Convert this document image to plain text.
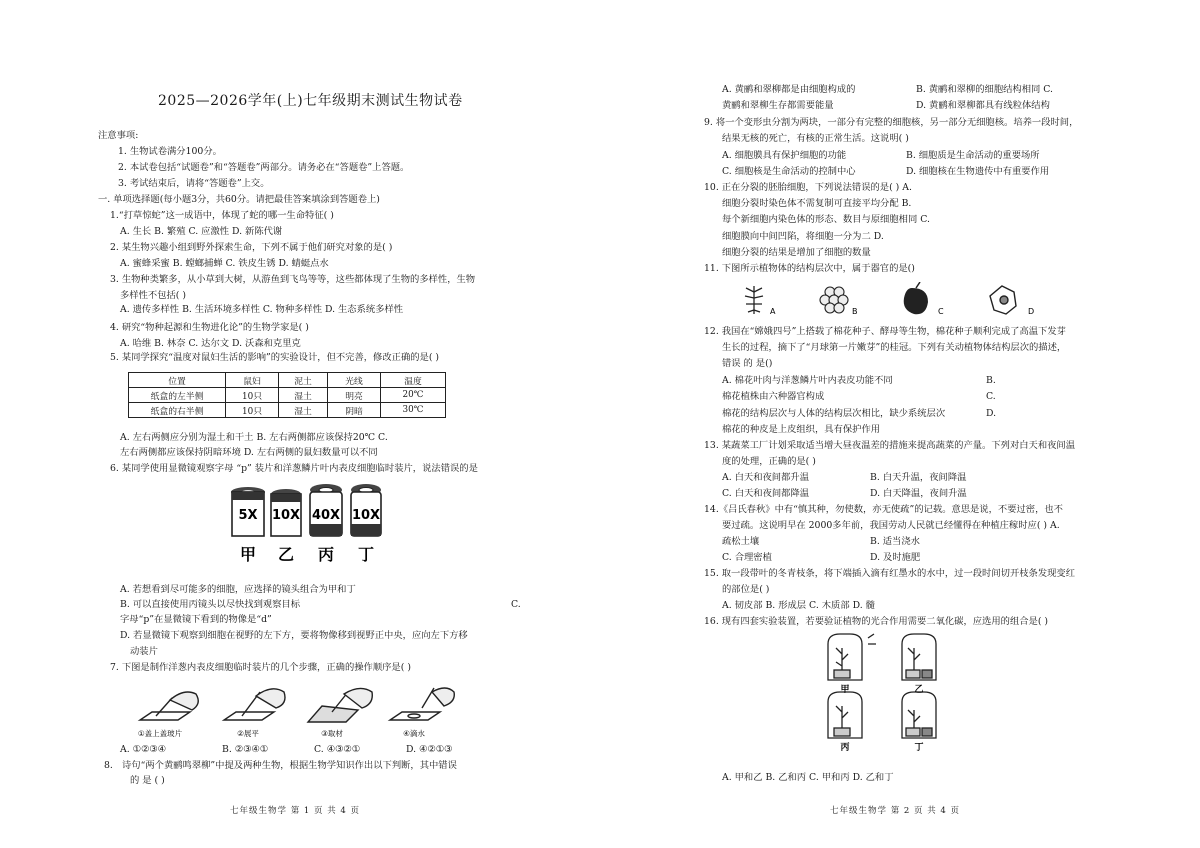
2025—2026学年(上)七年级期末测试生物试卷
注意事项:
1. 生物试卷满分100分。
2. 本试卷包括“试题卷”和“答题卷”两部分。请务必在“答题卷”上答题。
3. 考试结束后，请将“答题卷”上交。
一. 单项选择题(每小题3分，共60分。请把最佳答案填涂到答题卷上)
1.“打草惊蛇”这一成语中，体现了蛇的哪一生命特征( )
A. 生长 B. 繁殖 C. 应激性 D. 新陈代谢
2. 某生物兴趣小组到野外探索生命，下列不属于他们研究对象的是( )
A. 蜜蜂采蜜 B. 螳螂捕蝉 C. 铁皮生锈 D. 蜻蜓点水
3. 生物种类繁多，从小草到大树，从游鱼到飞鸟等等，这些都体现了生物的多样性，生物
多样性不包括( )
A. 遗传多样性 B. 生活环境多样性 C. 物种多样性 D. 生态系统多样性
4. 研究“物种起源和生物进化论”的生物学家是( )
A. 哈维 B. 林奈 C. 达尔文 D. 沃森和克里克
5. 某同学探究“温度对鼠妇生活的影响”的实验设计，但不完善，修改正确的是( )
位置	鼠妇	泥土	光线	温度
纸盒的左半侧	10只	湿土	明亮	20℃
纸盒的右半侧	10只	湿土	阴暗	30℃
A. 左右两侧应分别为湿土和干土 B. 左右两侧都应该保持20℃ C.
左右两侧都应该保持阴暗环境 D. 左右两侧的鼠妇数量可以不同
6. 某同学使用显微镜观察字母 “p” 装片和洋葱鳞片叶内表皮细胞临时装片，说法错误的是
5X 10X 40X 10X
甲 乙 丙 丁
A. 若想看到尽可能多的细胞，应选择的镜头组合为甲和丁
B. 可以直接使用丙镜头以尽快找到观察目标	C.
字母“p”在显微镜下看到的物像是“d”
D. 若显微镜下观察到细胞在视野的左下方，要将物像移到视野正中央，应向左下方移
动装片
7. 下图是制作洋葱内表皮细胞临时装片的几个步骤，正确的操作顺序是( )
①盖上盖玻片	②展平	③取材	④滴水
A. ①②③④	B. ②③④①	C. ④③②①	D. ④②①③
8. 诗句“两个黄鹂鸣翠柳”中提及两种生物，根据生物学知识作出以下判断，其中错误
的 是 ( )
七年级生物学 第 1 页 共 4 页
A. 黄鹂和翠柳都是由细胞构成的	B. 黄鹂和翠柳的细胞结构相同 C.
黄鹂和翠柳生存都需要能量	D. 黄鹂和翠柳都具有线粒体结构
9. 将一个变形虫分割为两块，一部分有完整的细胞核，另一部分无细胞核。培养一段时间，
结果无核的死亡，有核的正常生活。这说明( )
A. 细胞膜具有保护细胞的功能	B. 细胞质是生命活动的重要场所
C. 细胞核是生命活动的控制中心	D. 细胞核在生物遗传中有重要作用
10. 正在分裂的胚胎细胞，下列说法错误的是( ) A.
细胞分裂时染色体不需复制可直接平均分配 B.
每个新细胞内染色体的形态、数目与原细胞相同 C.
细胞膜向中间凹陷，将细胞一分为二 D.
细胞分裂的结果是增加了细胞的数量
11. 下图所示植物体的结构层次中，属于器官的是()
A	B	C	D
12. 我国在“嫦娥四号”上搭载了棉花种子、酵母等生物，棉花种子顺利完成了高温下发芽
生长的过程，摘下了“月球第一片嫩芽”的桂冠。下列有关动植物体结构层次的描述，
错误 的 是()
A. 棉花叶肉与洋葱鳞片叶内表皮功能不同	B.
棉花植株由六种器官构成	C.
棉花的结构层次与人体的结构层次相比，缺少系统层次	D.
棉花的种皮是上皮组织，具有保护作用
13. 某蔬菜工厂计划采取适当增大昼夜温差的措施来提高蔬菜的产量。下列对白天和夜间温
度的处理，正确的是( )
A. 白天和夜间都升温	B. 白天升温，夜间降温
C. 白天和夜间都降温	D. 白天降温，夜间升温
14.《吕氏春秋》中有“慎其种，勿使数，亦无使疏”的记载。意思是说，不要过密，也不
要过疏。这说明早在 2000多年前，我国劳动人民就已经懂得在种植庄稼时应( ) A.
疏松土壤	B. 适当浇水
C. 合理密植	D. 及时施肥
15. 取一段带叶的冬青枝条，将下端插入滴有红墨水的水中，过一段时间切开枝条发现变红
的部位是( )
A. 韧皮部 B. 形成层 C. 木质部 D. 髓
16. 现有四套实验装置，若要验证植物的光合作用需要二氧化碳，应选用的组合是( )
甲	乙
丙	丁
A. 甲和乙 B. 乙和丙 C. 甲和丙 D. 乙和丁
七年级生物学 第 2 页 共 4 页
